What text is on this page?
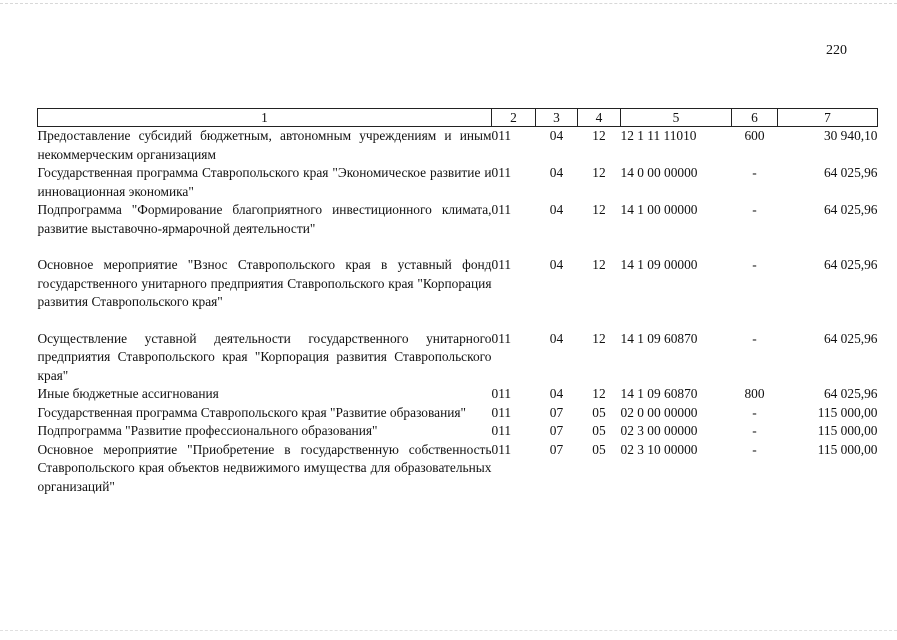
220
1	2	3	4	5	6	7
Предоставление субсидий бюджетным, автономным учреждениям и иным некоммерческим организациям	011	04	12	12 1 11 11010	600	30 940,10
Государственная программа Ставропольского края "Экономическое развитие и инновационная экономика"	011	04	12	14 0 00 00000	-	64 025,96
Подпрограмма "Формирование благоприятного инвестиционного климата, развитие выставочно-ярмарочной деятельности"	011	04	12	14 1 00 00000	-	64 025,96
Основное мероприятие "Взнос Ставропольского края в уставный фонд государственного унитарного предприятия Ставропольского края "Корпорация развития Ставропольского края"	011	04	12	14 1 09 00000	-	64 025,96
Осуществление уставной деятельности государственного унитарного предприятия Ставропольского края "Корпорация развития Ставропольского края"	011	04	12	14 1 09 60870	-	64 025,96
Иные бюджетные ассигнования	011	04	12	14 1 09 60870	800	64 025,96
Государственная программа Ставропольского края "Развитие образования"	011	07	05	02 0 00 00000	-	115 000,00
Подпрограмма "Развитие профессионального образования"	011	07	05	02 3 00 00000	-	115 000,00
Основное мероприятие "Приобретение в государственную собственность Ставропольского края объектов недвижимого имущества для образовательных организаций"	011	07	05	02 3 10 00000	-	115 000,00
